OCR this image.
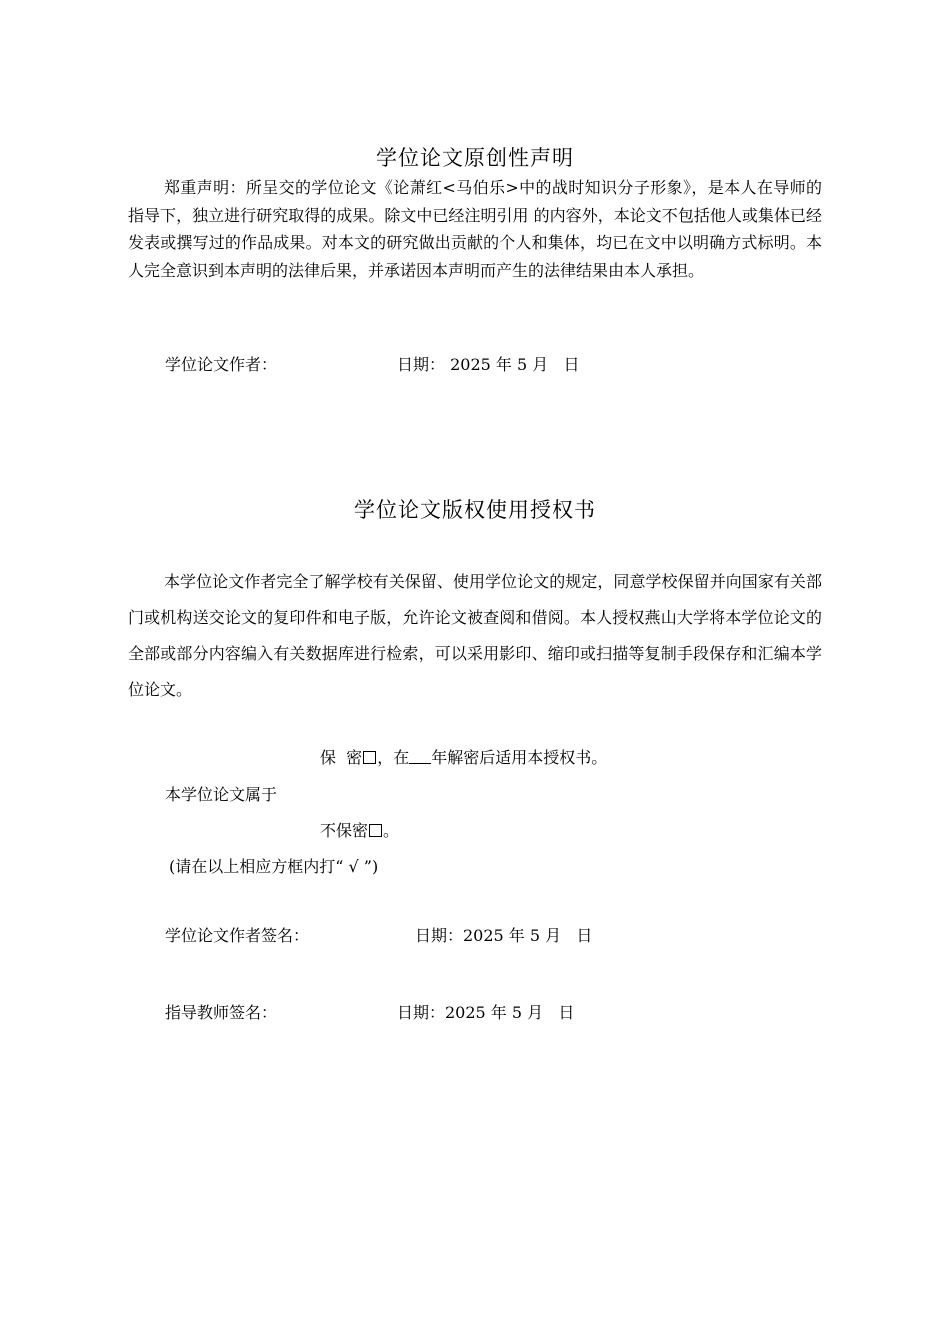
学位论文原创性声明
郑重声明：所呈交的学位论文《论萧红<马伯乐>中的战时知识分子形象》，是本人在导师的指导下，独立进行研究取得的成果。除文中已经注明引用 的内容外，本论文不包括他人或集体已经发表或撰写过的作品成果。对本文的研究做出贡献的个人和集体，均已在文中以明确方式标明。本人完全意识到本声明的法律后果，并承诺因本声明而产生的法律结果由本人承担。
学位论文作者：	日期： 2025 年 5 月   日
学位论文版权使用授权书
本学位论文作者完全了解学校有关保留、使用学位论文的规定，同意学校保留并向国家有关部门或机构送交论文的复印件和电子版，允许论文被查阅和借阅。本人授权燕山大学将本学位论文的全部或部分内容编入有关数据库进行检索，可以采用影印、缩印或扫描等复制手段保存和汇编本学位论文。
保  密 ，在 年解密后适用本授权书。
本学位论文属于
不保密 。
(请在以上相应方框内打“ √ ”)
学位论文作者签名：	日期：2025 年 5 月   日
指导教师签名：	日期：2025 年 5 月   日
